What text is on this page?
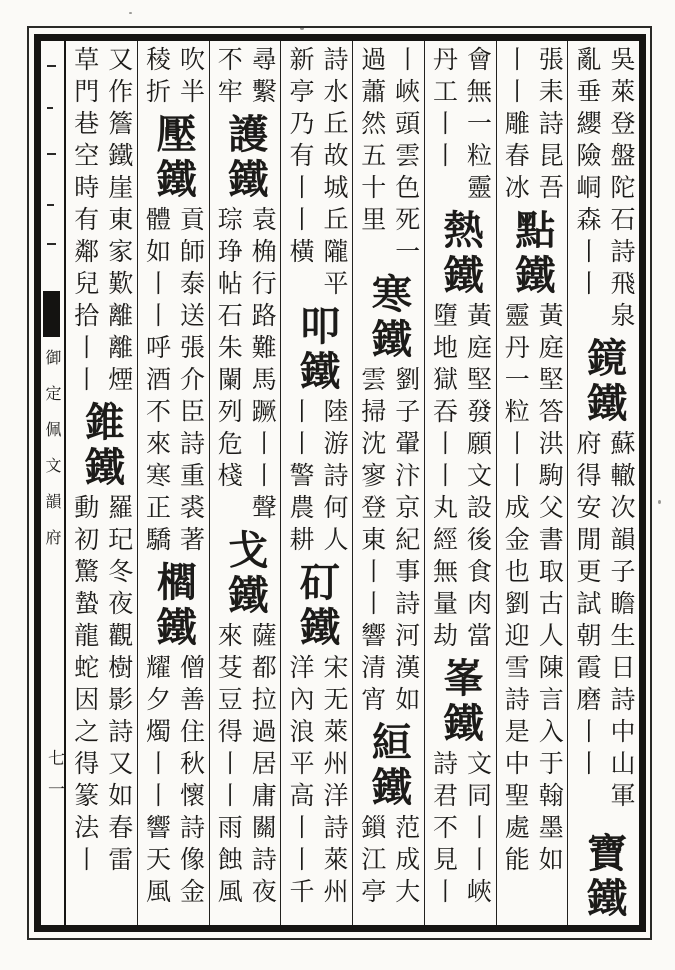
御定佩文韻府
七一
吳萊登盤陀石詩飛泉
亂垂纓險峒森丨丨
鏡鐵
蘇轍次韻子瞻生日詩中山軍
府得安閒更試朝霞磨丨丨
寶鐵
張耒詩昆吾
丨丨雕春冰
點鐵
黃庭堅答洪駒父書取古人陳言入于翰墨如
靈丹一粒丨丨成金也劉迎雪詩是中聖處能
會無一粒靈
丹工丨丨
熱鐵
黃庭堅發願文設後食肉當
墮地獄吞丨丨丸經無量劫
峯鐵
文同丨丨峽
詩君不見丨
丨峽頭雲色死一
過蕭然五十里
寒鐵
劉子翬汴京紀事詩河漢如
雲掃沈寥登東丨丨響清宵
絙鐵
范成大
鎻江亭
詩水丘故城丘隴平
新亭乃有丨丨橫
叩鐵
陸游詩何人
丨丨警農耕
矴鐵
宋无萊州洋詩萊州
洋內浪平高丨丨千
尋繫
不牢
護鐵
袁桷行路難馬蹶丨丨聲
琮琤帖石朱闌列危棧
戈鐵
薩都拉過居庸關詩夜
來芟豆得丨丨雨蝕風
吹半
稜折
壓鐵
貢師泰送張介臣詩重裘著
體如丨丨呼酒不來寒正驕
櫩鐵
僧善住秋懷詩像金
耀夕燭丨丨響天風
又作簷鐵崖東家歎離離煙
草門巷空時有鄰兒拾丨丨
錐鐵
羅玘冬夜觀樹影詩又如春雷
動初驚蟄龍蛇因之得篆法丨
